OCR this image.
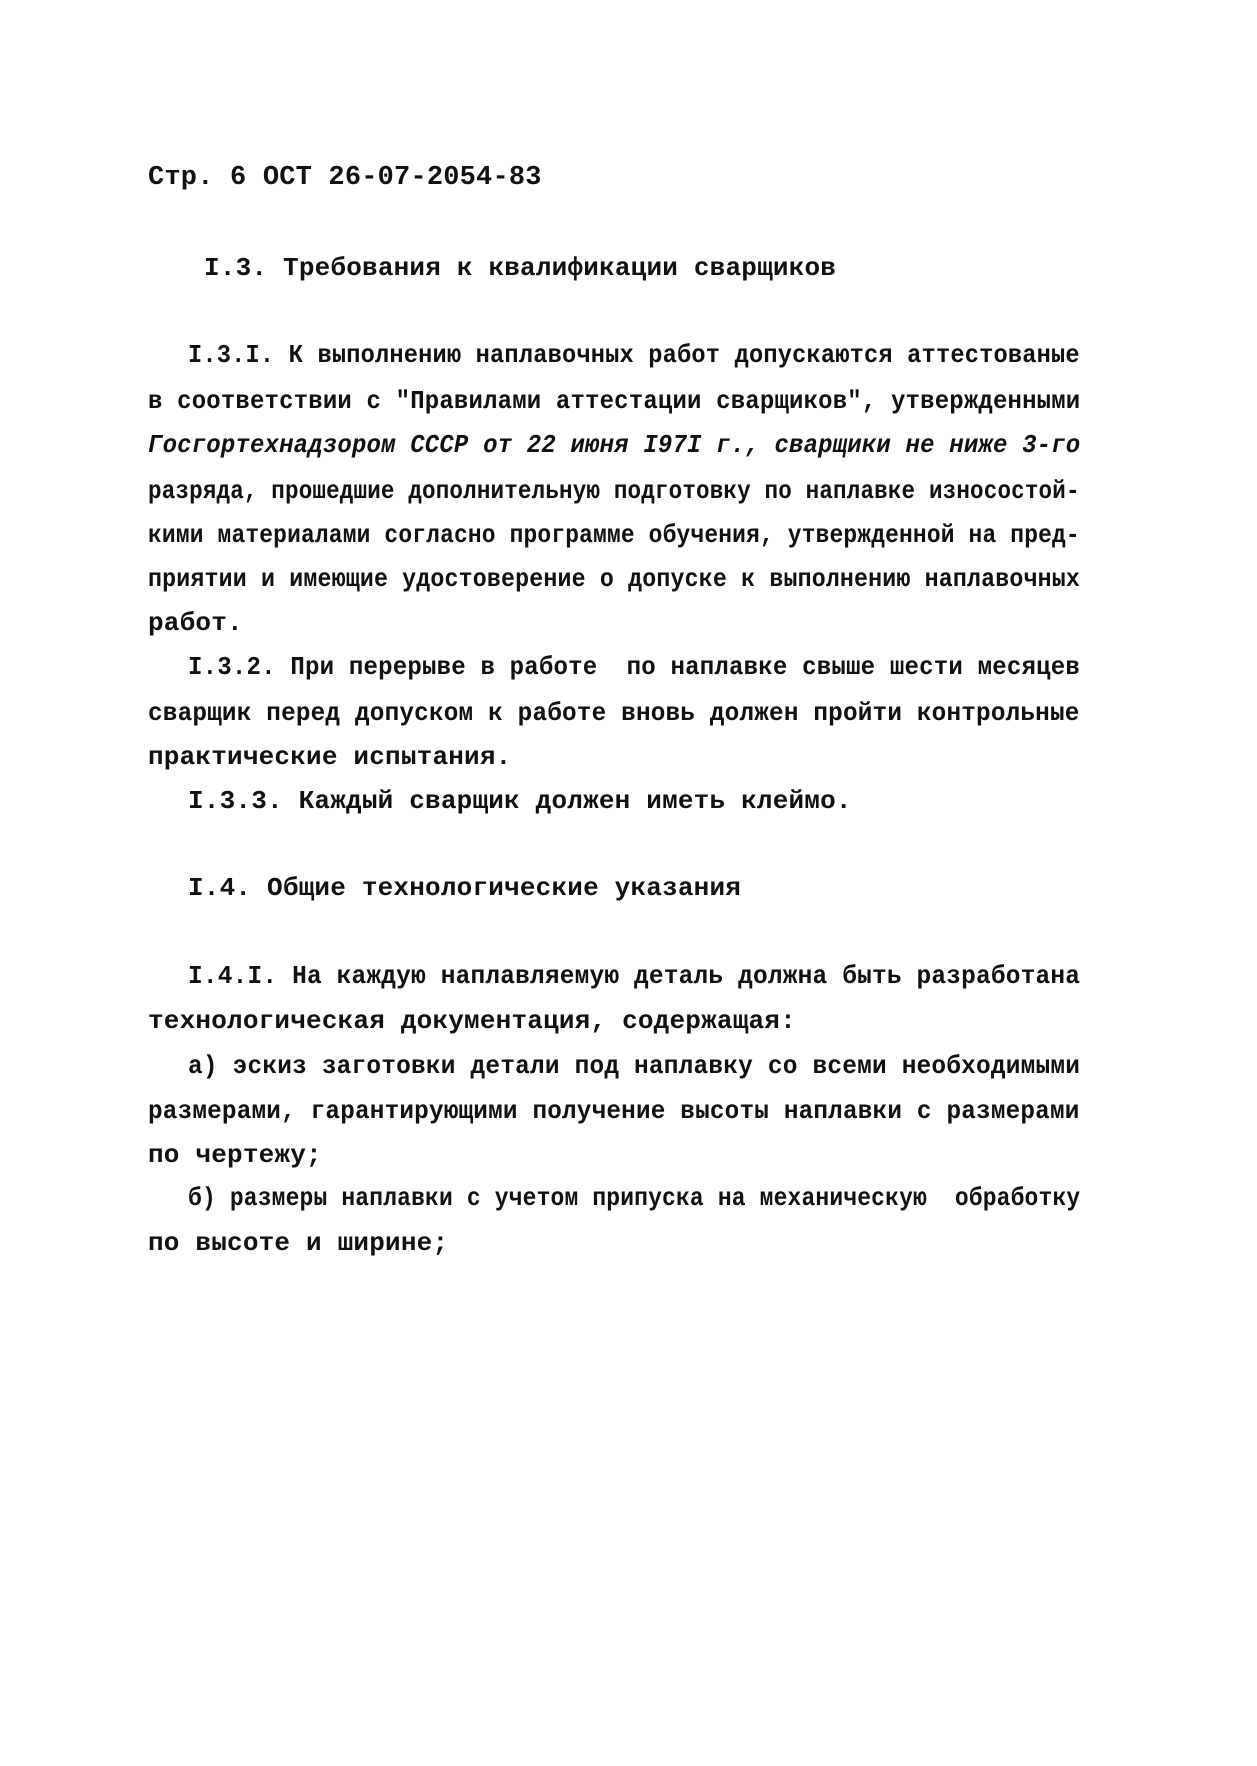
Стр. 6 ОСТ 26-07-2054-83
I.3. Требования к квалификации сварщиков
I.3.I. К выполнению наплавочных работ допускаются аттестованые
в соответствии с "Правилами аттестации сварщиков", утвержденными
Госгортехнадзором СССР от 22 июня I97I г., сварщики не ниже 3-го
разряда, прошедшие дополнительную подготовку по наплавке износостой-
кими материалами согласно программе обучения, утвержденной на пред-
приятии и имеющие удостоверение о допуске к выполнению наплавочных
работ.
I.3.2. При перерыве в работе  по наплавке свыше шести месяцев
сварщик перед допуском к работе вновь должен пройти контрольные
практические испытания.
I.3.3. Каждый сварщик должен иметь клеймо.
I.4. Общие технологические указания
I.4.I. На каждую наплавляемую деталь должна быть разработана
технологическая документация, содержащая:
а) эскиз заготовки детали под наплавку со всеми необходимыми
размерами, гарантирующими получение высоты наплавки с размерами
по чертежу;
б) размеры наплавки с учетом припуска на механическую  обработку
по высоте и ширине;
